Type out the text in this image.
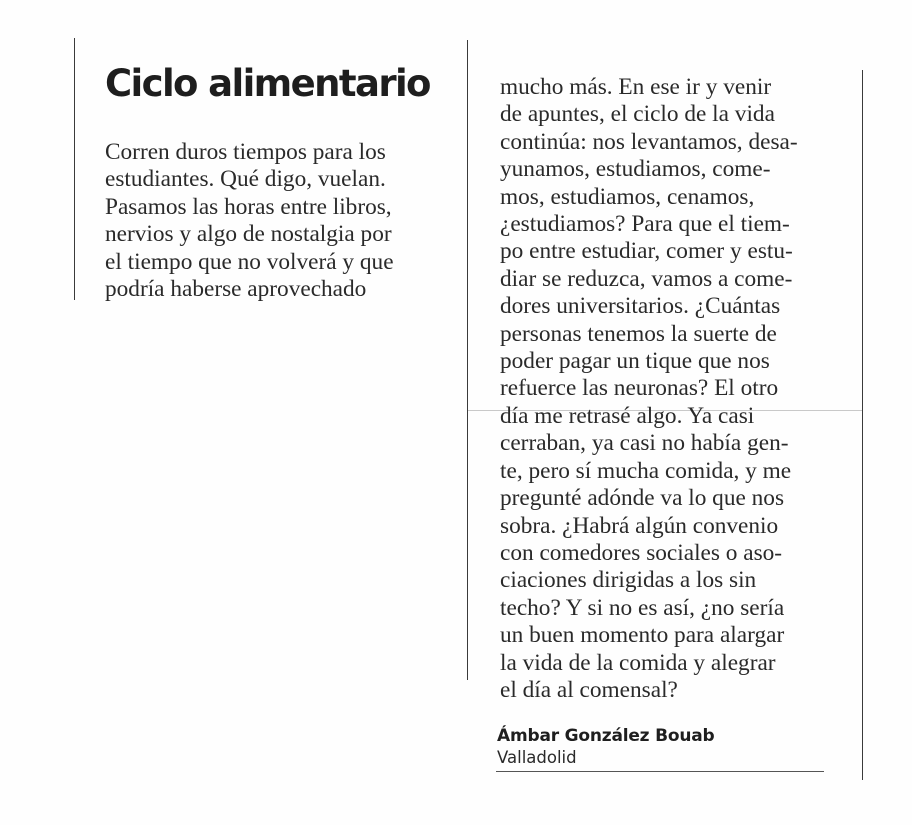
Ciclo alimentario
Corren duros tiempos para los
estudiantes. Qué digo, vuelan.
Pasamos las horas entre libros,
nervios y algo de nostalgia por
el tiempo que no volverá y que
podría haberse aprovechado
mucho más. En ese ir y venir
de apuntes, el ciclo de la vida
continúa: nos levantamos, desa-
yunamos, estudiamos, come-
mos, estudiamos, cenamos,
¿estudiamos? Para que el tiem-
po entre estudiar, comer y estu-
diar se reduzca, vamos a come-
dores universitarios. ¿Cuántas
personas tenemos la suerte de
poder pagar un tique que nos
refuerce las neuronas? El otro
día me retrasé algo. Ya casi
cerraban, ya casi no había gen-
te, pero sí mucha comida, y me
pregunté adónde va lo que nos
sobra. ¿Habrá algún convenio
con comedores sociales o aso-
ciaciones dirigidas a los sin
techo? Y si no es así, ¿no sería
un buen momento para alargar
la vida de la comida y alegrar
el día al comensal?

Ámbar González Bouab

Valladolid
